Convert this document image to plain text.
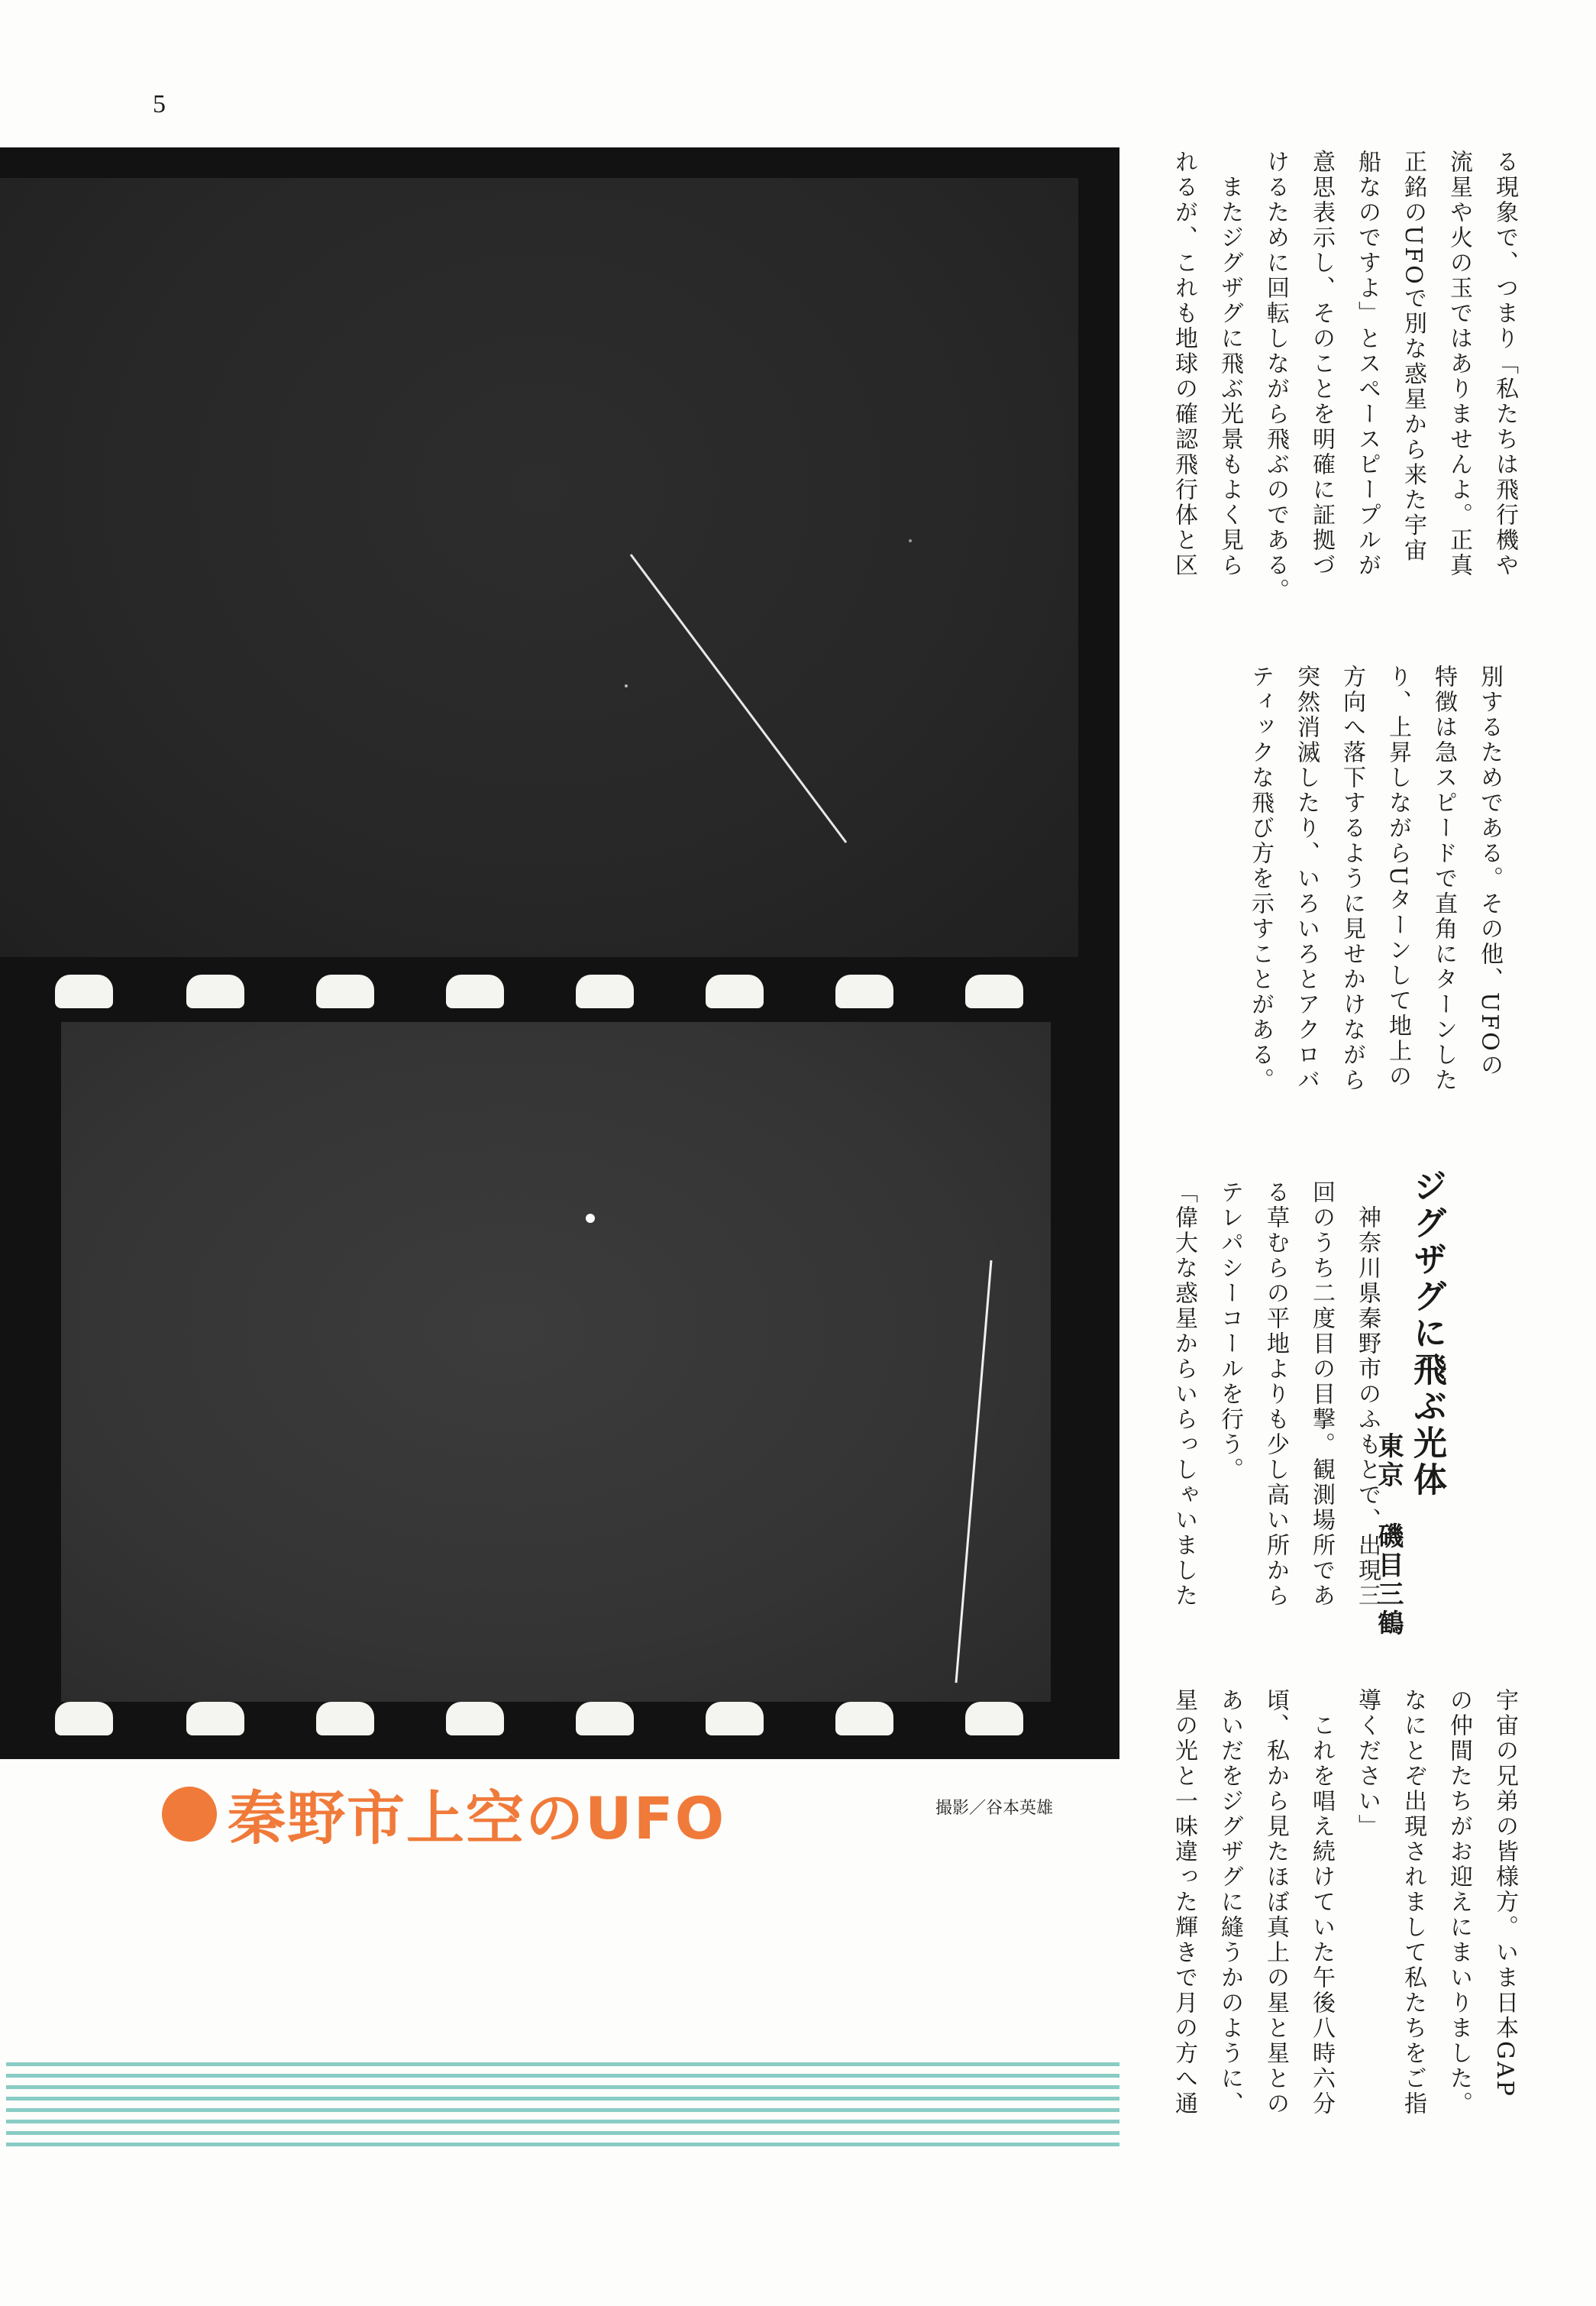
5
秦野市上空のUFO	撮影／谷本英雄
る現象で、つまり「私たちは飛行機や
流星や火の玉ではありませんよ。正真
正銘のUFOで別な惑星から来た宇宙
船なのですよ」とスペースピープルが
意思表示し、そのことを明確に証拠づ
けるために回転しながら飛ぶのである。
　またジグザグに飛ぶ光景もよく見ら
れるが、これも地球の確認飛行体と区
別するためである。その他、UFOの
特徴は急スピードで直角にターンした
り、上昇しながらUターンして地上の
方向へ落下するように見せかけながら
突然消滅したり、いろいろとアクロバ
ティックな飛び方を示すことがある。
ジグザグに飛ぶ光体
東京
磯目三鶴
　神奈川県秦野市のふもとで、出現三
回のうち二度目の目撃。観測場所であ
る草むらの平地よりも少し高い所から
テレパシーコールを行う。
「偉大な惑星からいらっしゃいました
宇宙の兄弟の皆様方。いま日本GAP
の仲間たちがお迎えにまいりました。
なにとぞ出現されまして私たちをご指
導ください」
　これを唱え続けていた午後八時六分
頃、私から見たほぼ真上の星と星との
あいだをジグザグに縫うかのように、
星の光と一味違った輝きで月の方へ通
